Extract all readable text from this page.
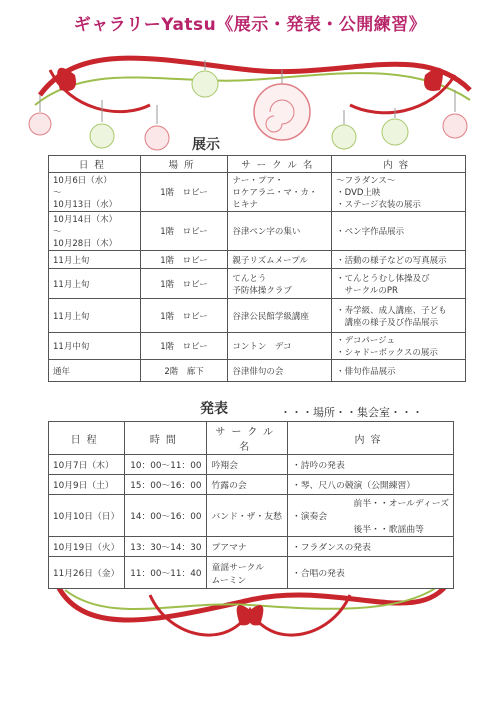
ギャラリーYatsu《展示・発表・公開練習》
展示
日程	場所	サークル名	内容

10月6日（水）
〜
10月13日（水）	1階　ロビー	ナー・プア・
ロケアラニ・マ・カ・
ヒキナ	〜フラダンス〜
・DVD上映
・ステージ衣装の展示

10月14日（木）
〜
10月28日（木）	1階　ロビー	谷津ペン字の集い	・ペン字作品展示

11月上旬	1階　ロビー	親子リズムメープル	・活動の様子などの写真展示

11月上旬	1階　ロビー	てんとう
予防体操クラブ	・てんとうむし体操及び
　サークルのPR

11月上旬	1階　ロビー	谷津公民館学級講座	・寿学級、成人講座、子ども
　講座の様子及び作品展示

11月中旬	1階　ロビー	コントン　デコ	・デコパージュ
・シャドーボックスの展示

通年	2階　廊下	谷津俳句の会	・俳句作品展示
発表	・・・場所・・集会室・・・
日程	時間	サークル名	内容

10月7日（木）	10：00〜11：00	吟翔会	・詩吟の発表

10月9日（土）	15：00〜16：00	竹露の会	・琴、尺八の競演（公開練習）

10月10日（日）	14：00〜16：00	バンド・ザ・友愁	　　　　　　　前半・・オールディーズ
・演奏会
　　　　　　　後半・・歌謡曲等

10月19日（火）	13：30〜14：30	プアマナ	・フラダンスの発表

11月26日（金）	11：00〜11：40	童謡サークル
ムーミン	・合唱の発表
